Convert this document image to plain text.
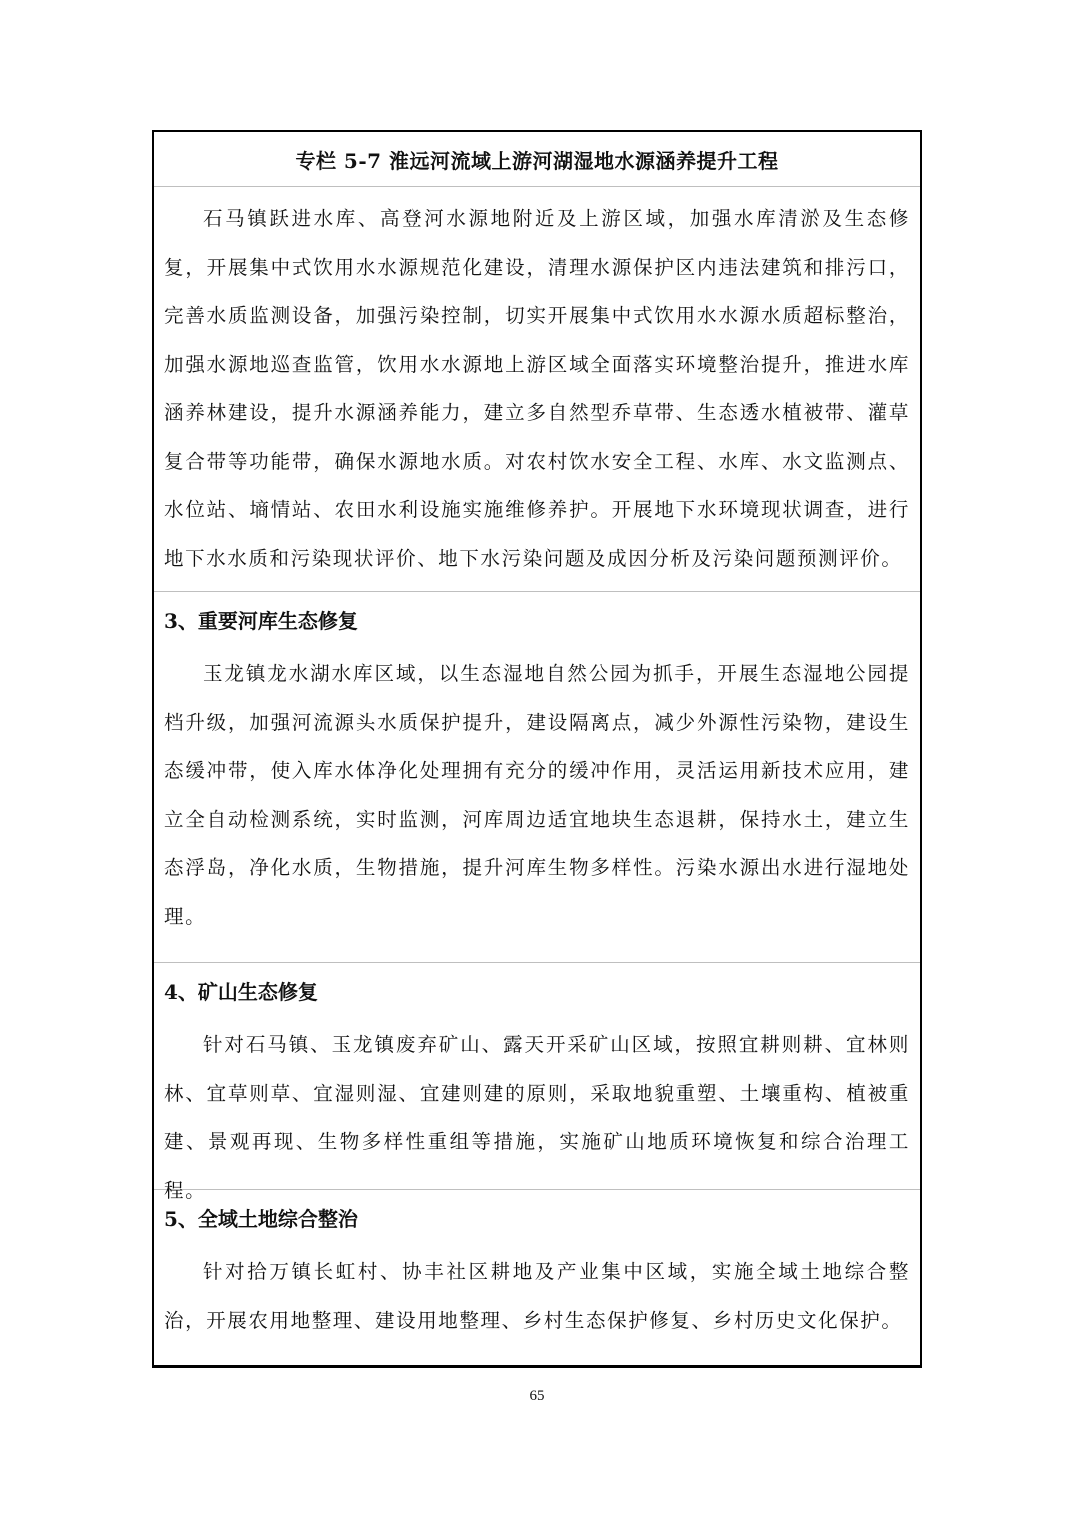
专栏 5-7 淮远河流域上游河湖湿地水源涵养提升工程

石马镇跃进水库、高登河水源地附近及上游区域，加强水库清淤及生态修复，开展集中式饮用水水源规范化建设，清理水源保护区内违法建筑和排污口，完善水质监测设备，加强污染控制，切实开展集中式饮用水水源水质超标整治，加强水源地巡查监管，饮用水水源地上游区域全面落实环境整治提升，推进水库涵养林建设，提升水源涵养能力，建立多自然型乔草带、生态透水植被带、灌草复合带等功能带，确保水源地水质。对农村饮水安全工程、水库、水文监测点、水位站、墒情站、农田水利设施实施维修养护。开展地下水环境现状调查，进行地下水水质和污染现状评价、地下水污染问题及成因分析及污染问题预测评价。

3、重要河库生态修复

玉龙镇龙水湖水库区域，以生态湿地自然公园为抓手，开展生态湿地公园提档升级，加强河流源头水质保护提升，建设隔离点，减少外源性污染物，建设生态缓冲带，使入库水体净化处理拥有充分的缓冲作用，灵活运用新技术应用，建立全自动检测系统，实时监测，河库周边适宜地块生态退耕，保持水土，建立生态浮岛，净化水质，生物措施，提升河库生物多样性。污染水源出水进行湿地处理。

4、矿山生态修复

针对石马镇、玉龙镇废弃矿山、露天开采矿山区域，按照宜耕则耕、宜林则林、宜草则草、宜湿则湿、宜建则建的原则，采取地貌重塑、土壤重构、植被重建、景观再现、生物多样性重组等措施，实施矿山地质环境恢复和综合治理工程。

5、全域土地综合整治

针对拾万镇长虹村、协丰社区耕地及产业集中区域，实施全域土地综合整治，开展农用地整理、建设用地整理、乡村生态保护修复、乡村历史文化保护。

65
